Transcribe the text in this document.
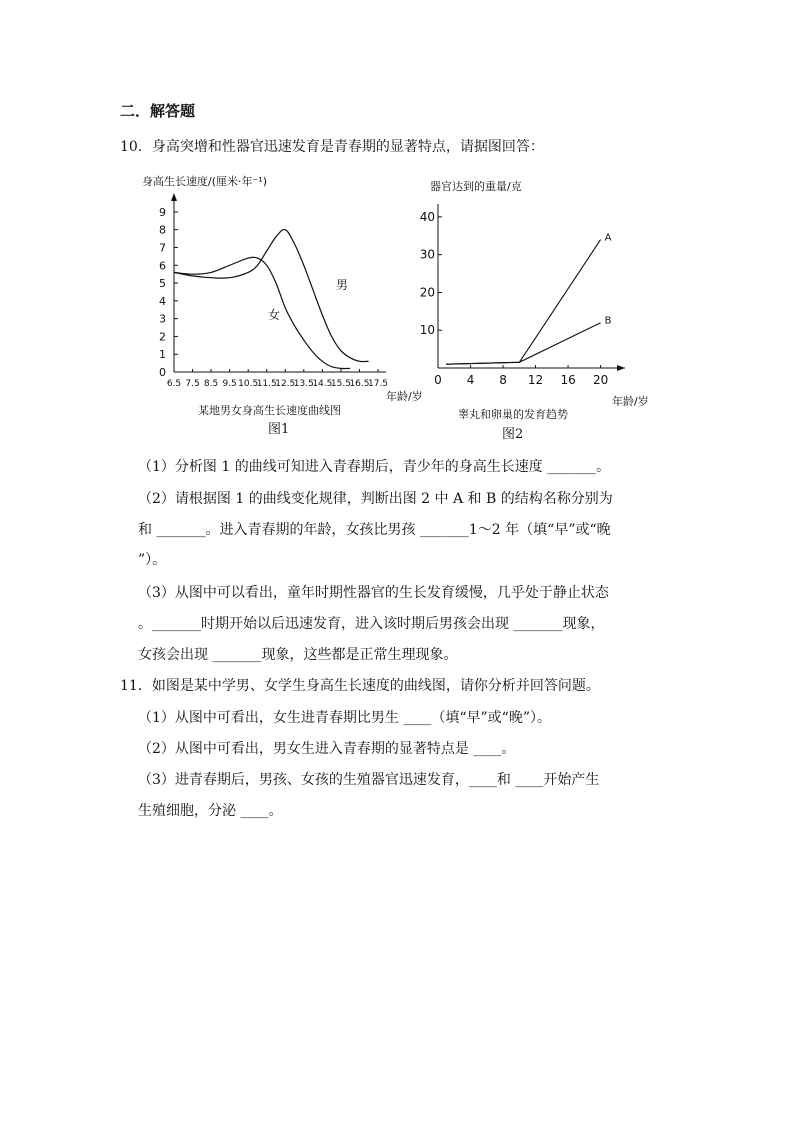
二．解答题
10．身高突增和性器官迅速发育是青春期的显著特点，请据图回答：
身高生长速度/(厘米·年⁻¹)
0
1
2
3
4
5
6
7
8
9
6.5 7.5 8.5 9.5 10.5
11.5
12.5
13.5
14.5
15.5
16.5
17.5
年龄/岁
男
女
某地男女身高生长速度曲线图
图1
器官达到的重量/克
10
20
30
40
0 4 8 12 16 20
年龄/岁
A
B
睾丸和卵巢的发育趋势
图2
（1）分析图 1 的曲线可知进入青春期后，青少年的身高生长速度 _______。
（2）请根据图 1 的曲线变化规律，判断出图 2 中 A 和 B 的结构名称分别为
和 _______。进入青春期的年龄，女孩比男孩 _______1～2 年（填“早”或“晚
”）。
（3）从图中可以看出，童年时期性器官的生长发育缓慢，几乎处于静止状态
。_______时期开始以后迅速发育，进入该时期后男孩会出现 _______现象，
女孩会出现 _______现象，这些都是正常生理现象。
11．如图是某中学男、女学生身高生长速度的曲线图，请你分析并回答问题。
（1）从图中可看出，女生进青春期比男生 ____（填“早”或“晚”）。
（2）从图中可看出，男女生进入青春期的显著特点是 ____。
（3）进青春期后，男孩、女孩的生殖器官迅速发育，____和 ____开始产生
生殖细胞，分泌 ____。
